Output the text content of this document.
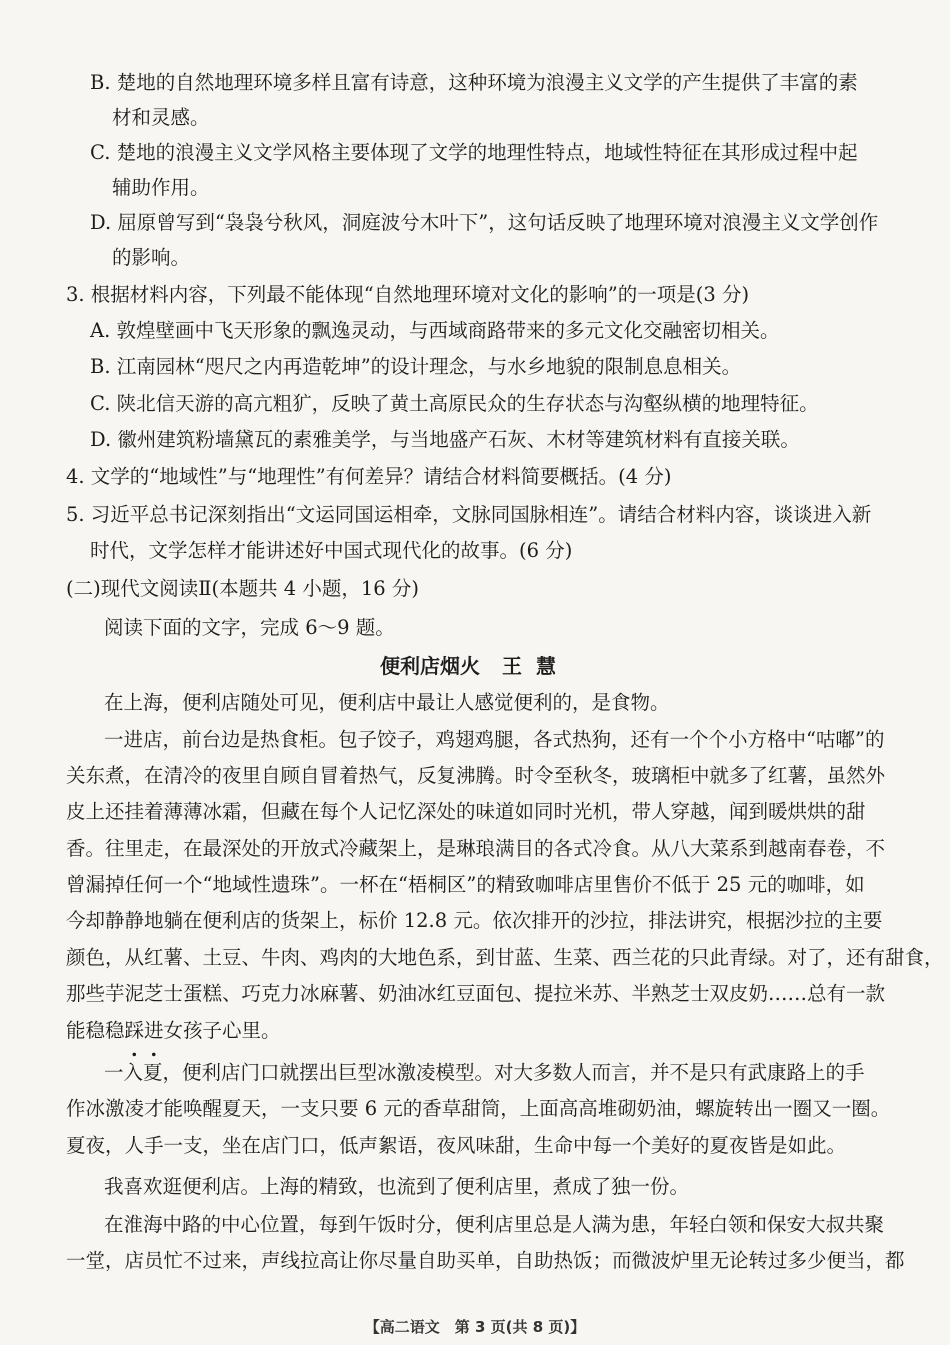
B. 楚地的自然地理环境多样且富有诗意，这种环境为浪漫主义文学的产生提供了丰富的素

材和灵感。

C. 楚地的浪漫主义文学风格主要体现了文学的地理性特点，地域性特征在其形成过程中起

辅助作用。

D. 屈原曾写到“袅袅兮秋风，洞庭波兮木叶下”，这句话反映了地理环境对浪漫主义文学创作

的影响。

3. 根据材料内容，下列最不能体现“自然地理环境对文化的影响”的一项是(3 分)

A. 敦煌壁画中飞天形象的飘逸灵动，与西域商路带来的多元文化交融密切相关。

B. 江南园林“咫尺之内再造乾坤”的设计理念，与水乡地貌的限制息息相关。

C. 陕北信天游的高亢粗犷，反映了黄土高原民众的生存状态与沟壑纵横的地理特征。

D. 徽州建筑粉墙黛瓦的素雅美学，与当地盛产石灰、木材等建筑材料有直接关联。

4. 文学的“地域性”与“地理性”有何差异？请结合材料简要概括。(4 分)

5. 习近平总书记深刻指出“文运同国运相牵，文脉同国脉相连”。请结合材料内容，谈谈进入新

时代，文学怎样才能讲述好中国式现代化的故事。(6 分)

(二)现代文阅读Ⅱ(本题共 4 小题，16 分)

阅读下面的文字，完成 6～9 题。

便利店烟火 王慧

在上海，便利店随处可见，便利店中最让人感觉便利的，是食物。

一进店，前台边是热食柜。包子饺子，鸡翅鸡腿，各式热狗，还有一个个小方格中“咕嘟”的

关东煮，在清冷的夜里自顾自冒着热气，反复沸腾。时令至秋冬，玻璃柜中就多了红薯，虽然外

皮上还挂着薄薄冰霜，但藏在每个人记忆深处的味道如同时光机，带人穿越，闻到暖烘烘的甜

香。往里走，在最深处的开放式冷藏架上，是琳琅满目的各式冷食。从八大菜系到越南春卷，不

曾漏掉任何一个“地域性遗珠”。一杯在“梧桐区”的精致咖啡店里售价不低于 25 元的咖啡，如

今却静静地躺在便利店的货架上，标价 12.8 元。依次排开的沙拉，排法讲究，根据沙拉的主要

颜色，从红薯、土豆、牛肉、鸡肉的大地色系，到甘蓝、生菜、西兰花的只此青绿。对了，还有甜食，

那些芋泥芝士蛋糕、巧克力冰麻薯、奶油冰红豆面包、提拉米苏、半熟芝士双皮奶……总有一款

能稳稳踩进女孩子心里。

一入夏，便利店门口就摆出巨型冰激凌模型。对大多数人而言，并不是只有武康路上的手

作冰激凌才能唤醒夏天，一支只要 6 元的香草甜筒，上面高高堆砌奶油，螺旋转出一圈又一圈。

夏夜，人手一支，坐在店门口，低声絮语，夜风味甜，生命中每一个美好的夏夜皆是如此。

我喜欢逛便利店。上海的精致，也流到了便利店里，煮成了独一份。

在淮海中路的中心位置，每到午饭时分，便利店里总是人满为患，年轻白领和保安大叔共聚

一堂，店员忙不过来，声线拉高让你尽量自助买单，自助热饭；而微波炉里无论转过多少便当，都

【高二语文　第 3 页(共 8 页)】
